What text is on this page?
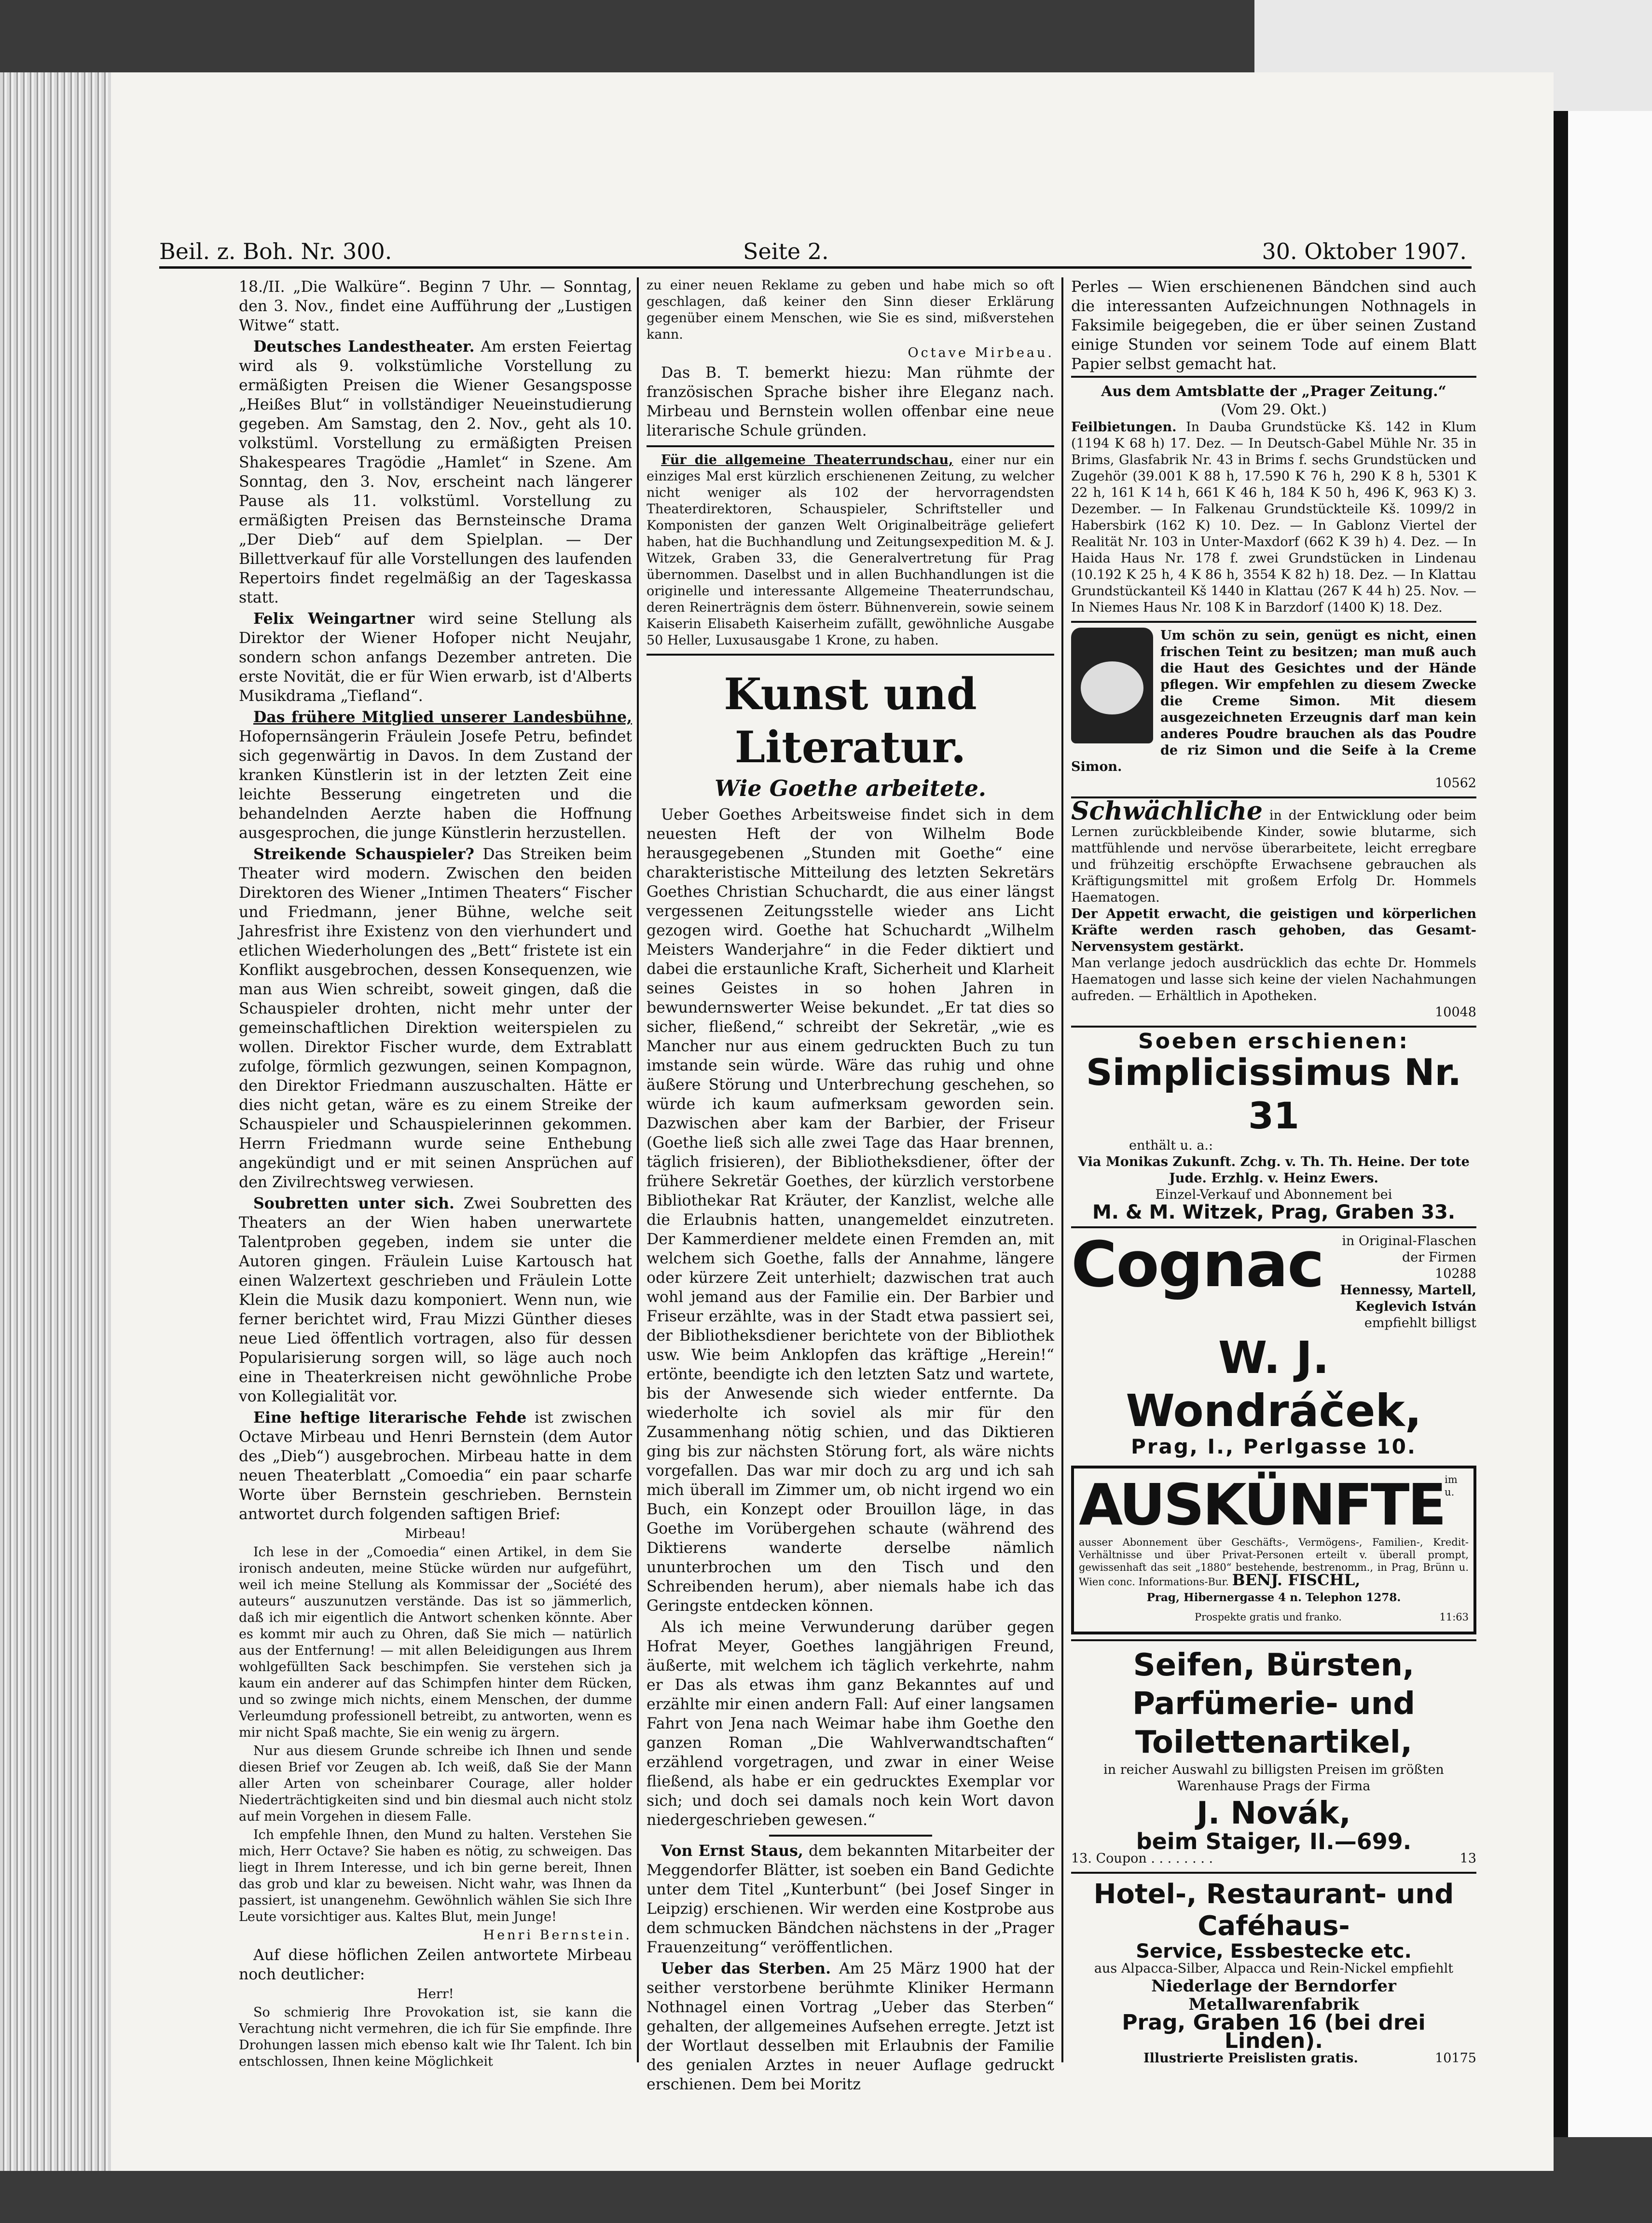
Beil. z. Boh. Nr. 300.	Seite 2.	30. Oktober 1907.

18./II. „Die Walküre“. Beginn 7 Uhr. — Sonntag, den 3. Nov., findet eine Aufführung der „Lustigen Witwe“ statt.

Deutsches Landestheater. Am ersten Feiertag wird als 9. volkstümliche Vorstellung zu ermäßigten Preisen die Wiener Gesangsposse „Heißes Blut“ in vollständiger Neueinstudierung gegeben. Am Samstag, den 2. Nov., geht als 10. volkstüml. Vorstellung zu ermäßigten Preisen Shakespeares Tragödie „Hamlet“ in Szene. Am Sonntag, den 3. Nov, erscheint nach längerer Pause als 11. volkstüml. Vorstellung zu ermäßigten Preisen das Bernsteinsche Drama „Der Dieb“ auf dem Spielplan. — Der Billettverkauf für alle Vorstellungen des laufenden Repertoirs findet regelmäßig an der Tageskassa statt.

Felix Weingartner wird seine Stellung als Direktor der Wiener Hofoper nicht Neujahr, sondern schon anfangs Dezember antreten. Die erste Novität, die er für Wien erwarb, ist d'Alberts Musikdrama „Tiefland“.

Das frühere Mitglied unserer Landesbühne, Hofopernsängerin Fräulein Josefe Petru, befindet sich gegenwärtig in Davos. In dem Zustand der kranken Künstlerin ist in der letzten Zeit eine leichte Besserung eingetreten und die behandelnden Aerzte haben die Hoffnung ausgesprochen, die junge Künstlerin herzustellen.

Streikende Schauspieler? Das Streiken beim Theater wird modern. Zwischen den beiden Direktoren des Wiener „Intimen Theaters“ Fischer und Friedmann, jener Bühne, welche seit Jahresfrist ihre Existenz von den vierhundert und etlichen Wiederholungen des „Bett“ fristete ist ein Konflikt ausgebrochen, dessen Konsequenzen, wie man aus Wien schreibt, soweit gingen, daß die Schauspieler drohten, nicht mehr unter der gemeinschaftlichen Direktion weiterspielen zu wollen. Direktor Fischer wurde, dem Extrablatt zufolge, förmlich gezwungen, seinen Kompagnon, den Direktor Friedmann auszuschalten. Hätte er dies nicht getan, wäre es zu einem Streike der Schauspieler und Schauspielerinnen gekommen. Herrn Friedmann wurde seine Enthebung angekündigt und er mit seinen Ansprüchen auf den Zivilrechtsweg verwiesen.

Soubretten unter sich. Zwei Soubretten des Theaters an der Wien haben unerwartete Talentproben gegeben, indem sie unter die Autoren gingen. Fräulein Luise Kartousch hat einen Walzertext geschrieben und Fräulein Lotte Klein die Musik dazu komponiert. Wenn nun, wie ferner berichtet wird, Frau Mizzi Günther dieses neue Lied öffentlich vortragen, also für dessen Popularisierung sorgen will, so läge auch noch eine in Theaterkreisen nicht gewöhnliche Probe von Kollegialität vor.

Eine heftige literarische Fehde ist zwischen Octave Mirbeau und Henri Bernstein (dem Autor des „Dieb“) ausgebrochen. Mirbeau hatte in dem neuen Theaterblatt „Comoedia“ ein paar scharfe Worte über Bernstein geschrieben. Bernstein antwortet durch folgenden saftigen Brief:

Mirbeau!

Ich lese in der „Comoedia“ einen Artikel, in dem Sie ironisch andeuten, meine Stücke würden nur aufgeführt, weil ich meine Stellung als Kommissar der „Société des auteurs“ auszunutzen verstände. Das ist so jämmerlich, daß ich mir eigentlich die Antwort schenken könnte. Aber es kommt mir auch zu Ohren, daß Sie mich — natürlich aus der Entfernung! — mit allen Beleidigungen aus Ihrem wohlgefüllten Sack beschimpfen. Sie verstehen sich ja kaum ein anderer auf das Schimpfen hinter dem Rücken, und so zwinge mich nichts, einem Menschen, der dumme Verleumdung professionell betreibt, zu antworten, wenn es mir nicht Spaß machte, Sie ein wenig zu ärgern.

Nur aus diesem Grunde schreibe ich Ihnen und sende diesen Brief vor Zeugen ab. Ich weiß, daß Sie der Mann aller Arten von scheinbarer Courage, aller holder Niederträchtigkeiten sind und bin diesmal auch nicht stolz auf mein Vorgehen in diesem Falle.

Ich empfehle Ihnen, den Mund zu halten. Verstehen Sie mich, Herr Octave? Sie haben es nötig, zu schweigen. Das liegt in Ihrem Interesse, und ich bin gerne bereit, Ihnen das grob und klar zu beweisen. Nicht wahr, was Ihnen da passiert, ist unangenehm. Gewöhnlich wählen Sie sich Ihre Leute vorsichtiger aus. Kaltes Blut, mein Junge!

Henri Bernstein.

Auf diese höflichen Zeilen antwortete Mirbeau noch deutlicher:

Herr!

So schmierig Ihre Provokation ist, sie kann die Verachtung nicht vermehren, die ich für Sie empfinde. Ihre Drohungen lassen mich ebenso kalt wie Ihr Talent. Ich bin entschlossen, Ihnen keine Möglichkeit

zu einer neuen Reklame zu geben und habe mich so oft geschlagen, daß keiner den Sinn dieser Erklärung gegenüber einem Menschen, wie Sie es sind, mißverstehen kann.

Octave Mirbeau.

Das B. T. bemerkt hiezu: Man rühmte der französischen Sprache bisher ihre Eleganz nach. Mirbeau und Bernstein wollen offenbar eine neue literarische Schule gründen.

Für die allgemeine Theaterrundschau, einer nur ein einziges Mal erst kürzlich erschienenen Zeitung, zu welcher nicht weniger als 102 der hervorragendsten Theaterdirektoren, Schauspieler, Schriftsteller und Komponisten der ganzen Welt Originalbeiträge geliefert haben, hat die Buchhandlung und Zeitungsexpedition M. & J. Witzek, Graben 33, die Generalvertretung für Prag übernommen. Daselbst und in allen Buchhandlungen ist die originelle und interessante Allgemeine Theaterrundschau, deren Reinerträgnis dem österr. Bühnenverein, sowie seinem Kaiserin Elisabeth Kaiserheim zufällt, gewöhnliche Ausgabe 50 Heller, Luxusausgabe 1 Krone, zu haben.

Kunst und Literatur.
Wie Goethe arbeitete.

Ueber Goethes Arbeitsweise findet sich in dem neuesten Heft der von Wilhelm Bode herausgegebenen „Stunden mit Goethe“ eine charakteristische Mitteilung des letzten Sekretärs Goethes Christian Schuchardt, die aus einer längst vergessenen Zeitungsstelle wieder ans Licht gezogen wird. Goethe hat Schuchardt „Wilhelm Meisters Wanderjahre“ in die Feder diktiert und dabei die erstaunliche Kraft, Sicherheit und Klarheit seines Geistes in so hohen Jahren in bewundernswerter Weise bekundet. „Er tat dies so sicher, fließend,“ schreibt der Sekretär, „wie es Mancher nur aus einem gedruckten Buch zu tun imstande sein würde. Wäre das ruhig und ohne äußere Störung und Unterbrechung geschehen, so würde ich kaum aufmerksam geworden sein. Dazwischen aber kam der Barbier, der Friseur (Goethe ließ sich alle zwei Tage das Haar brennen, täglich frisieren), der Bibliotheksdiener, öfter der frühere Sekretär Goethes, der kürzlich verstorbene Bibliothekar Rat Kräuter, der Kanzlist, welche alle die Erlaubnis hatten, unangemeldet einzutreten. Der Kammerdiener meldete einen Fremden an, mit welchem sich Goethe, falls der Annahme, längere oder kürzere Zeit unterhielt; dazwischen trat auch wohl jemand aus der Familie ein. Der Barbier und Friseur erzählte, was in der Stadt etwa passiert sei, der Bibliotheksdiener berichtete von der Bibliothek usw. Wie beim Anklopfen das kräftige „Herein!“ ertönte, beendigte ich den letzten Satz und wartete, bis der Anwesende sich wieder entfernte. Da wiederholte ich soviel als mir für den Zusammenhang nötig schien, und das Diktieren ging bis zur nächsten Störung fort, als wäre nichts vorgefallen. Das war mir doch zu arg und ich sah mich überall im Zimmer um, ob nicht irgend wo ein Buch, ein Konzept oder Brouillon läge, in das Goethe im Vorübergehen schaute (während des Diktierens wanderte derselbe nämlich ununterbrochen um den Tisch und den Schreibenden herum), aber niemals habe ich das Geringste entdecken können.

Als ich meine Verwunderung darüber gegen Hofrat Meyer, Goethes langjährigen Freund, äußerte, mit welchem ich täglich verkehrte, nahm er Das als etwas ihm ganz Bekanntes auf und erzählte mir einen andern Fall: Auf einer langsamen Fahrt von Jena nach Weimar habe ihm Goethe den ganzen Roman „Die Wahlverwandtschaften“ erzählend vorgetragen, und zwar in einer Weise fließend, als habe er ein gedrucktes Exemplar vor sich; und doch sei damals noch kein Wort davon niedergeschrieben gewesen.“

Von Ernst Staus, dem bekannten Mitarbeiter der Meggendorfer Blätter, ist soeben ein Band Gedichte unter dem Titel „Kunterbunt“ (bei Josef Singer in Leipzig) erschienen. Wir werden eine Kostprobe aus dem schmucken Bändchen nächstens in der „Prager Frauenzeitung“ veröffentlichen.

Ueber das Sterben. Am 25 März 1900 hat der seither verstorbene berühmte Kliniker Hermann Nothnagel einen Vortrag „Ueber das Sterben“ gehalten, der allgemeines Aufsehen erregte. Jetzt ist der Wortlaut desselben mit Erlaubnis der Familie des genialen Arztes in neuer Auflage gedruckt erschienen. Dem bei Moritz

Perles — Wien erschienenen Bändchen sind auch die interessanten Aufzeichnungen Nothnagels in Faksimile beigegeben, die er über seinen Zustand einige Stunden vor seinem Tode auf einem Blatt Papier selbst gemacht hat.

Aus dem Amtsblatte der „Prager Zeitung.“
(Vom 29. Okt.)
Feilbietungen. In Dauba Grundstücke Kš. 142 in Klum (1194 K 68 h) 17. Dez. — In Deutsch-Gabel Mühle Nr. 35 in Brims, Glasfabrik Nr. 43 in Brims f. sechs Grundstücken und Zugehör (39.001 K 88 h, 17.590 K 76 h, 290 K 8 h, 5301 K 22 h, 161 K 14 h, 661 K 46 h, 184 K 50 h, 496 K, 963 K) 3. Dezember. — In Falkenau Grundstückteile Kš. 1099/2 in Habersbirk (162 K) 10. Dez. — In Gablonz Viertel der Realität Nr. 103 in Unter-Maxdorf (662 K 39 h) 4. Dez. — In Haida Haus Nr. 178 f. zwei Grundstücken in Lindenau (10.192 K 25 h, 4 K 86 h, 3554 K 82 h) 18. Dez. — In Klattau Grundstückanteil Kš 1440 in Klattau (267 K 44 h) 25. Nov. — In Niemes Haus Nr. 108 K in Barzdorf (1400 K) 18. Dez.
Um schön zu sein, genügt es nicht, einen frischen Teint zu besitzen; man muß auch die Haut des Gesichtes und der Hände pflegen. Wir empfehlen zu diesem Zwecke die Creme Simon. Mit diesem ausgezeichneten Erzeugnis darf man kein anderes Poudre brauchen als das Poudre de riz Simon und die Seife à la Creme Simon.
10562
Schwächliche in der Entwicklung oder beim Lernen zurückbleibende Kinder, sowie blutarme, sich mattfühlende und nervöse überarbeitete, leicht erregbare und frühzeitig erschöpfte Erwachsene gebrauchen als Kräftigungsmittel mit großem Erfolg Dr. Hommels Haematogen.
Der Appetit erwacht, die geistigen und körperlichen Kräfte werden rasch gehoben, das Gesamt-Nervensystem gestärkt.
Man verlange jedoch ausdrücklich das echte Dr. Hommels Haematogen und lasse sich keine der vielen Nachahmungen aufreden. — Erhältlich in Apotheken.
10048
Soeben erschienen:
Simplicissimus Nr. 31
enthält u. a.:
Via Monikas Zukunft. Zchg. v. Th. Th. Heine. Der tote Jude. Erzhlg. v. Heinz Ewers.
Einzel-Verkauf und Abonnement bei
M. & M. Witzek, Prag, Graben 33.
Cognac	in Original-Flaschen der Firmen
10288
Hennessy, Martell, Keglevich István
empfiehlt billigst
W. J. Wondráček,
Prag, I., Perlgasse 10.
AUSKÜNFTE im u. ausser Abonnement über Geschäfts-, Vermögens-, Familien-, Kredit-Verhältnisse und über Privat-Personen erteilt v. überall prompt, gewissenhaft das seit „1880“ bestehende, bestrenomm., in Prag, Brünn u. Wien conc. Informations-Bur. BENJ. FISCHL,
Prag, Hibernergasse 4 n. Telephon 1278.
Prospekte gratis und franko.	11:63
Seifen, Bürsten, Parfümerie- und Toilettenartikel,
in reicher Auswahl zu billigsten Preisen im größten Warenhause Prags der Firma
J. Novák,
beim Staiger, II.—699.
13. Coupon . . . . . . . .	13
Hotel-, Restaurant- und Caféhaus-
Service, Essbestecke etc.
aus Alpacca-Silber, Alpacca und Rein-Nickel empfiehlt
Niederlage der Berndorfer Metallwarenfabrik
Prag, Graben 16 (bei drei Linden).
Illustrierte Preislisten gratis.	10175
